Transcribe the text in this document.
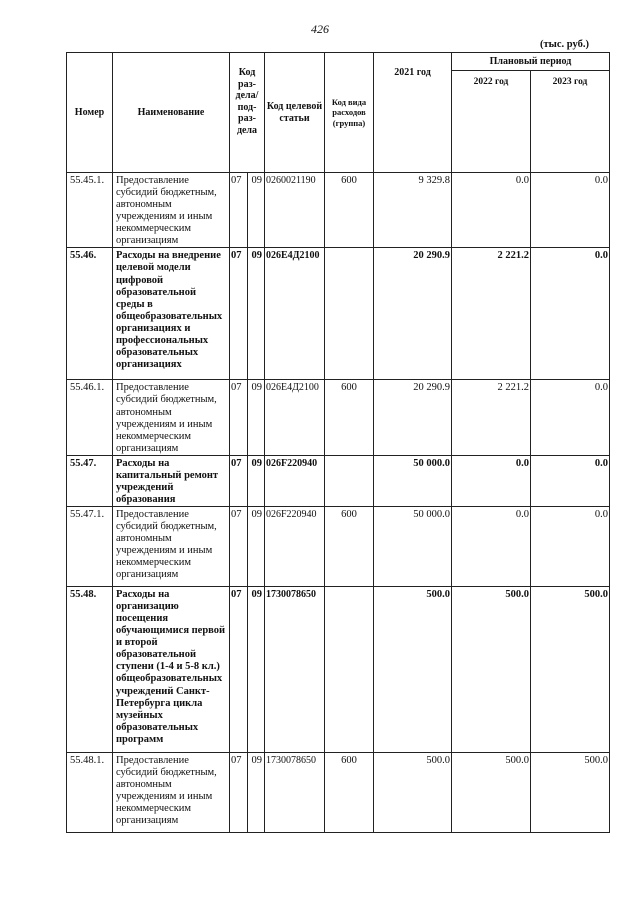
426
(тыс. руб.)
Номер	Наименование	Код раз-дела/ под-раз-дела		Код целевой статьи	Код вида расходов (группа)	2021 год	Плановый период	
							2022 год	2023 год
55.45.1.	Предоставление субсидий бюджетным, автономным учреждениям и иным некоммерческим организациям	07	09	0260021190	600	9 329.8	0.0	0.0
55.46.	Расходы на внедрение целевой модели цифровой образовательной среды в общеобразовательных организациях и профессиональных образовательных организациях	07	09	026Е4Д2100		20 290.9	2 221.2	0.0
55.46.1.	Предоставление субсидий бюджетным, автономным учреждениям и иным некоммерческим организациям	07	09	026Е4Д2100	600	20 290.9	2 221.2	0.0
55.47.	Расходы на капитальный ремонт учреждений образования	07	09	026F220940		50 000.0	0.0	0.0
55.47.1.	Предоставление субсидий бюджетным, автономным учреждениям и иным некоммерческим организациям	07	09	026F220940	600	50 000.0	0.0	0.0
55.48.	Расходы на организацию посещения обучающимися первой и второй образовательной ступени (1-4 и 5-8 кл.) общеобразовательных учреждений Санкт-Петербурга цикла музейных образовательных программ	07	09	1730078650		500.0	500.0	500.0
55.48.1.	Предоставление субсидий бюджетным, автономным учреждениям и иным некоммерческим организациям	07	09	1730078650	600	500.0	500.0	500.0
